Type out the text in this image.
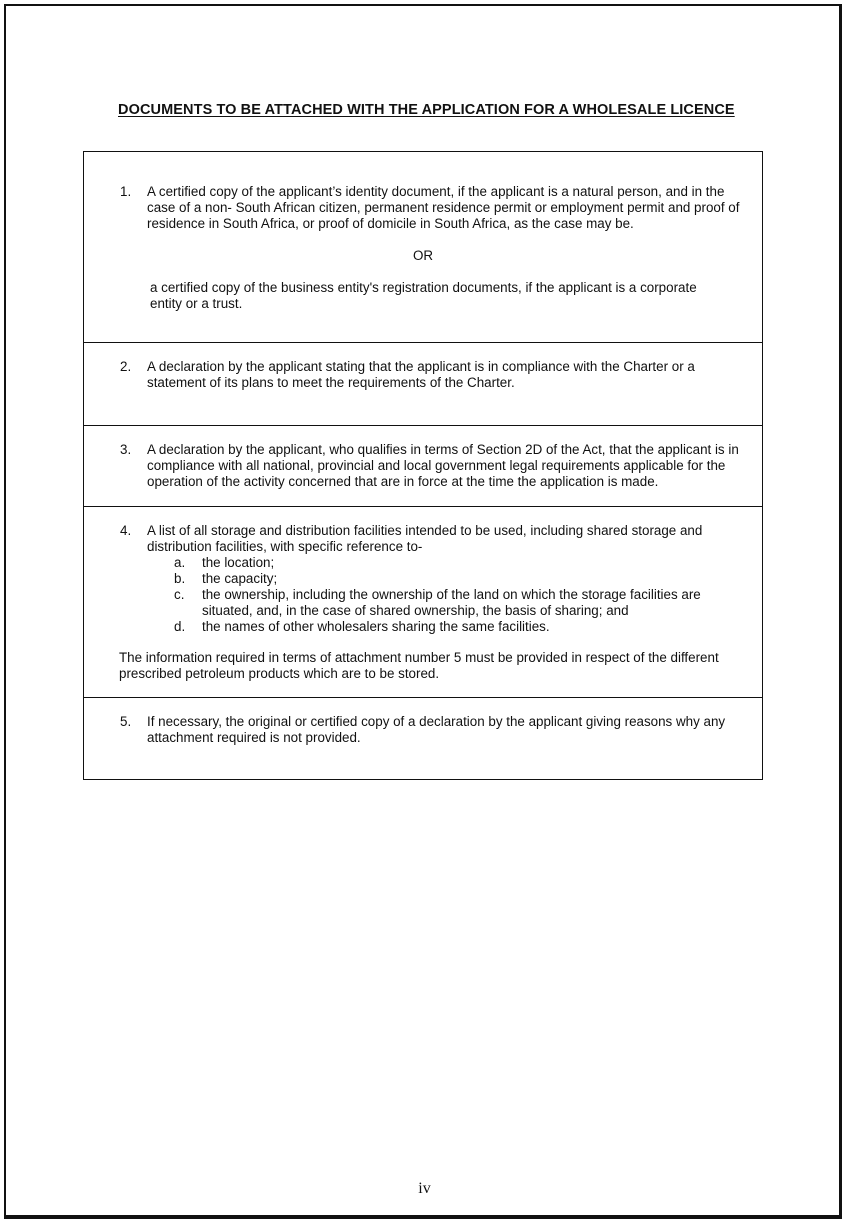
DOCUMENTS TO BE ATTACHED WITH THE APPLICATION FOR A WHOLESALE LICENCE
1. A certified copy of the applicant’s identity document, if the applicant is a natural person, and in the case of a non- South African citizen, permanent residence permit or employment permit and proof of residence in South Africa, or proof of domicile in South Africa, as the case may be.
OR
a certified copy of the business entity's registration documents, if the applicant is a corporate entity or a trust.
2. A declaration by the applicant stating that the applicant is in compliance with the Charter or a statement of its plans to meet the requirements of the Charter.
3. A declaration by the applicant, who qualifies in terms of Section 2D of the Act, that the applicant is in compliance with all national, provincial and local government legal requirements applicable for the operation of the activity concerned that are in force at the time the application is made.
4. A list of all storage and distribution facilities intended to be used, including shared storage and distribution facilities, with specific reference to-
a. the location;
b. the capacity;
c. the ownership, including the ownership of the land on which the storage facilities are situated, and, in the case of shared ownership, the basis of sharing; and
d. the names of other wholesalers sharing the same facilities.
The information required in terms of attachment number 5 must be provided in respect of the different prescribed petroleum products which are to be stored.
5. If necessary, the original or certified copy of a declaration by the applicant giving reasons why any attachment required is not provided.
iv
